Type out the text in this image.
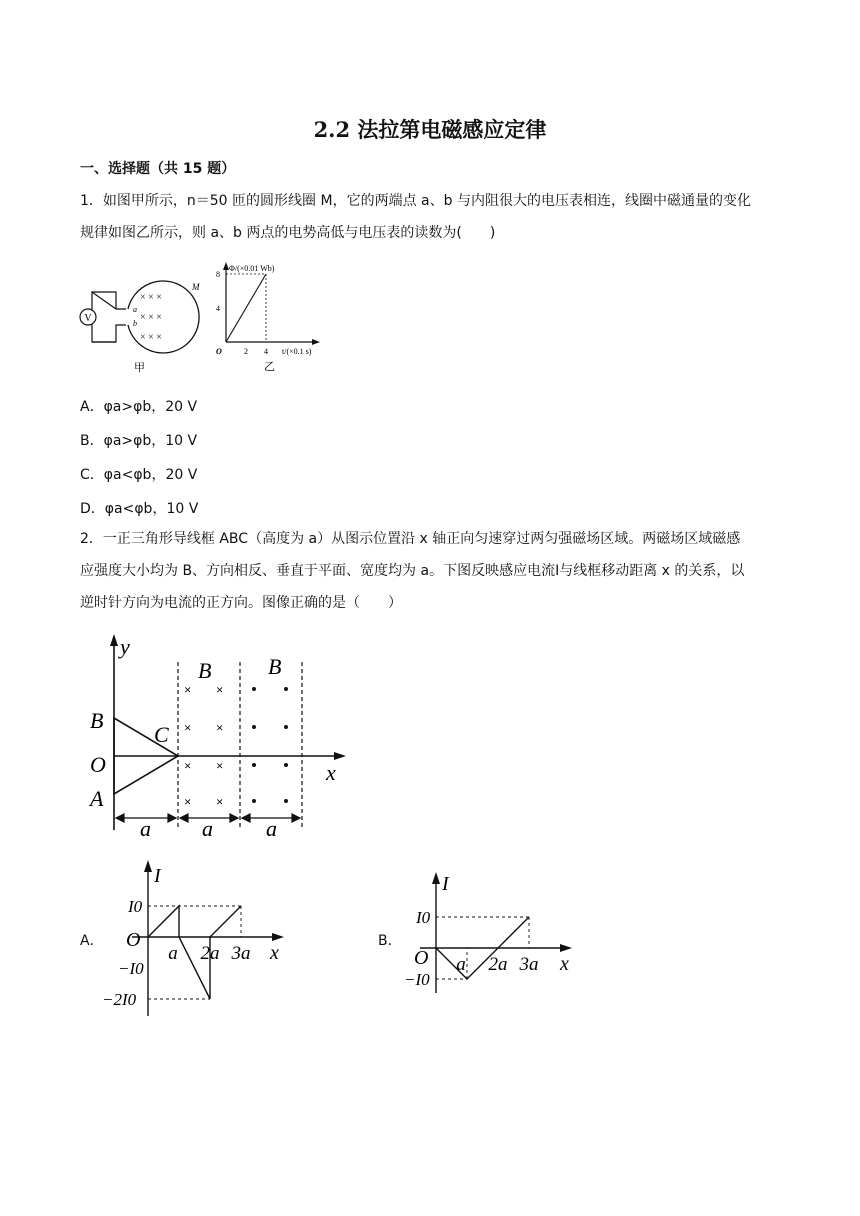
2.2 法拉第电磁感应定律
一、选择题（共 15 题）
1．如图甲所示，n＝50 匝的圆形线圈 M，它的两端点 a、b 与内阻很大的电压表相连，线圈中磁通量的变化
规律如图乙所示，则 a、b 两点的电势高低与电压表的读数为(　　)
V
× × ×
× × ×
× × ×
a
b
M
甲
Φ/(×0.01 Wb)
t/(×0.1 s)
O
4
8
2 4
乙
A．φa>φb，20 V
B．φa>φb，10 V
C．φa<φb，20 V
D．φa<φb，10 V
2．一正三角形导线框 ABC（高度为 a）从图示位置沿 x 轴正向匀速穿过两匀强磁场区域。两磁场区域磁感
应强度大小均为 B、方向相反、垂直于平面、宽度均为 a。下图反映感应电流I与线框移动距离 x 的关系，以
逆时针方向为电流的正方向。图像正确的是（　　）
y
x
B
C
O
A
B	B
× ×
× ×
× ×
× ×
a a a
A．
I
x
O
I0
−I0
−2I0
a 2a 3a
B．
I
x
O
I0
−I0
a 2a 3a
